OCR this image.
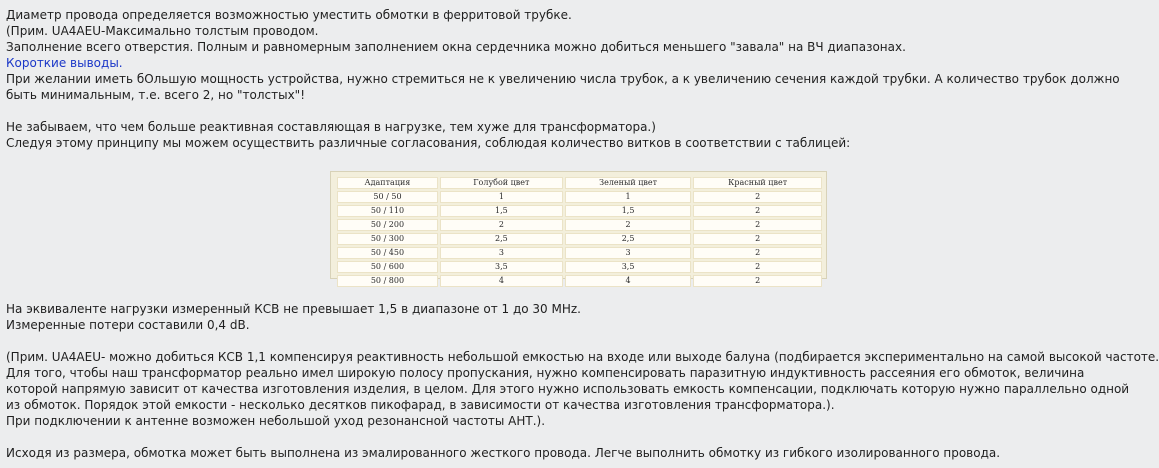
Диаметр провода определяется возможностью уместить обмотки в ферритовой трубке.
(Прим. UA4AEU-Максимально толстым проводом.
Заполнение всего отверстия. Полным и равномерным заполнением окна сердечника можно добиться меньшего "завала" на ВЧ диапазонах.
Короткие выводы.
При желании иметь бОльшую мощность устройства, нужно стремиться не к увеличению числа трубок, а к увеличению сечения каждой трубки. А количество трубок должно быть минимальным, т.е. всего 2, но "толстых"!
Не забываем, что чем больше реактивная составляющая в нагрузке, тем хуже для трансформатора.)
Следуя этому принципу мы можем осуществить различные согласования, соблюдая количество витков в соответствии с таблицей:
Адаптация	Голубой цвет	Зеленый цвет	Красный цвет
50 / 50	1	1	2
50 / 110	1,5	1,5	2
50 / 200	2	2	2
50 / 300	2,5	2,5	2
50 / 450	3	3	2
50 / 600	3,5	3,5	2
50 / 800	4	4	2
На эквиваленте нагрузки измеренный КСВ не превышает 1,5 в диапазоне от 1 до 30 MHz.
Измеренные потери составили 0,4 dB.
(Прим. UA4AEU- можно добиться КСВ 1,1 компенсируя реактивность небольшой емкостью на входе или выходе балуна (подбирается экспериментально на самой высокой частоте.
Для того, чтобы наш трансформатор реально имел широкую полосу пропускания, нужно компенсировать паразитную индуктивность рассеяния его обмоток, величина которой напрямую зависит от качества изготовления изделия, в целом. Для этого нужно использовать емкость компенсации, подключать которую нужно параллельно одной из обмоток. Порядок этой емкости - несколько десятков пикофарад, в зависимости от качества изготовления трансформатора.).
При подключении к антенне возможен небольшой уход резонансной частоты АНТ.).
Исходя из размера, обмотка может быть выполнена из эмалированного жесткого провода. Легче выполнить обмотку из гибкого изолированного провода.
